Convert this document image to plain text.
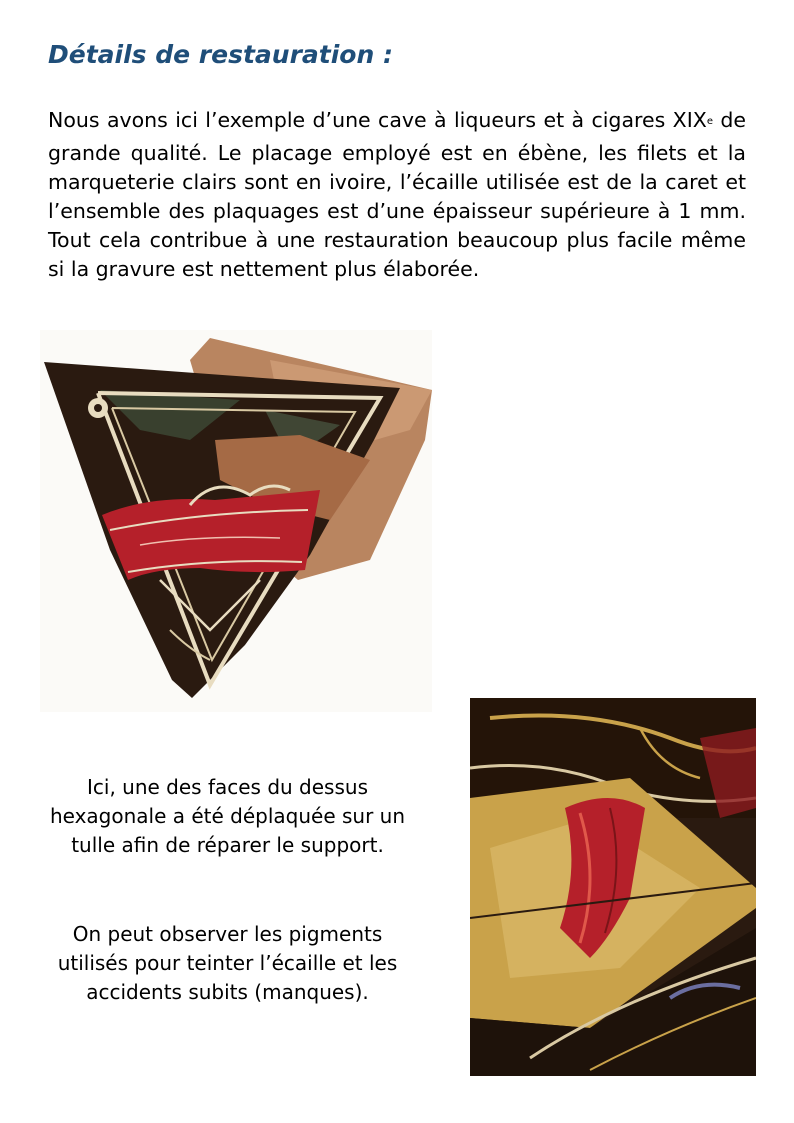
Détails de restauration :

Nous avons ici l’exemple d’une cave à liqueurs et à cigares XIXe de grande qualité. Le placage employé est en ébène, les filets et la marqueterie clairs sont en ivoire, l’écaille utilisée est de la caret et l’ensemble des plaquages est d’une épaisseur supérieure à 1 mm. Tout cela contribue à une restauration beaucoup plus facile même si la gravure est nettement plus élaborée.

Ici, une des faces du dessus hexagonale a été déplaquée sur un tulle afin de réparer le support.

On peut observer les pigments utilisés pour teinter l’écaille et les accidents subits (manques).
